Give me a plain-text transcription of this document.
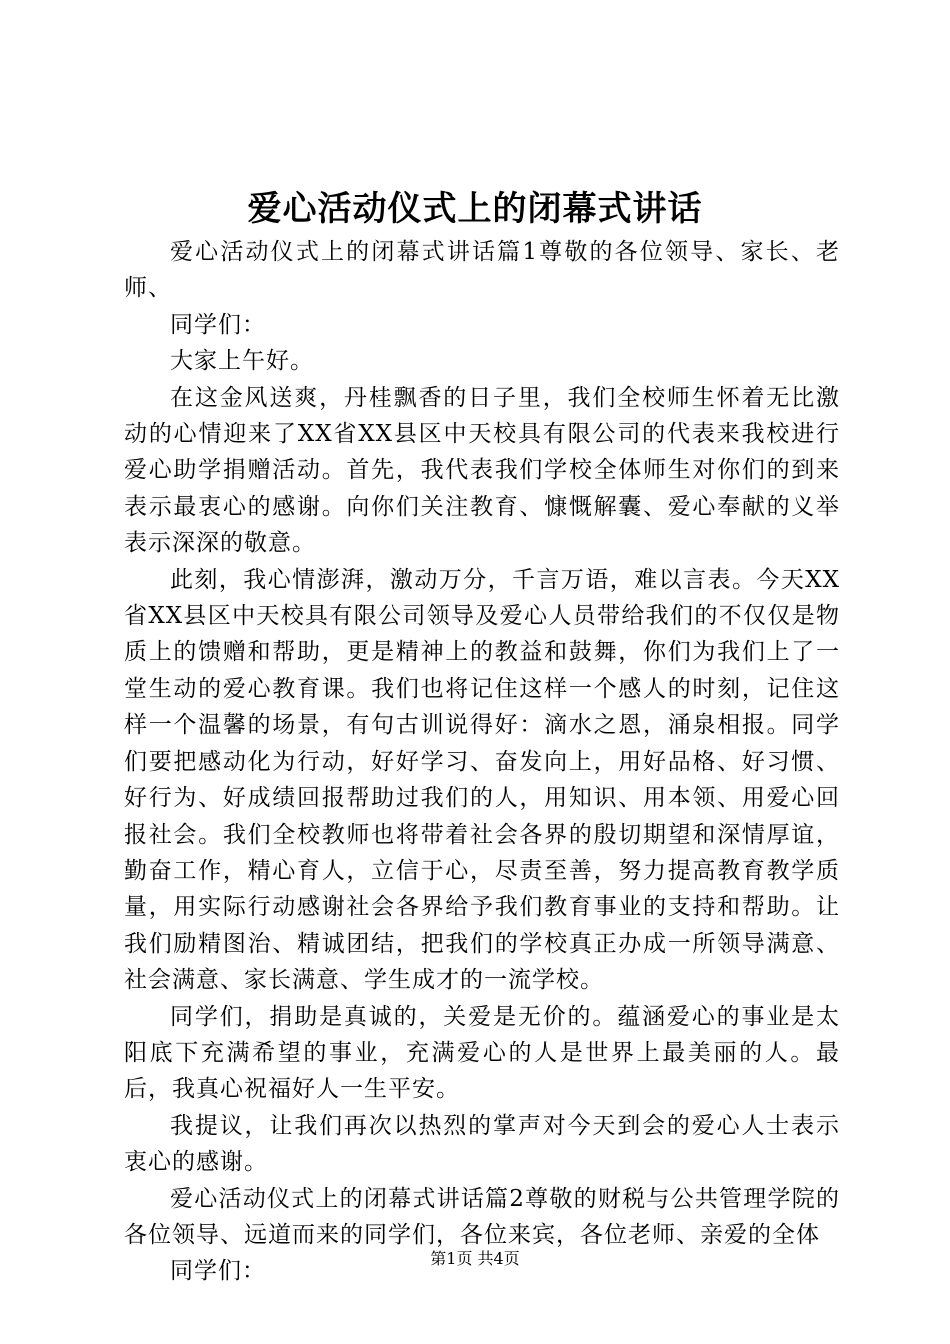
爱心活动仪式上的闭幕式讲话

爱心活动仪式上的闭幕式讲话篇1尊敬的各位领导、家长、老师、

同学们：

大家上午好。

在这金风送爽，丹桂飘香的日子里，我们全校师生怀着无比激动的心情迎来了XX省XX县区中天校具有限公司的代表来我校进行爱心助学捐赠活动。首先，我代表我们学校全体师生对你们的到来表示最衷心的感谢。向你们关注教育、慷慨解囊、爱心奉献的义举表示深深的敬意。

此刻，我心情澎湃，激动万分，千言万语，难以言表。今天XX省XX县区中天校具有限公司领导及爱心人员带给我们的不仅仅是物质上的馈赠和帮助，更是精神上的教益和鼓舞，你们为我们上了一堂生动的爱心教育课。我们也将记住这样一个感人的时刻，记住这样一个温馨的场景，有句古训说得好：滴水之恩，涌泉相报。同学们要把感动化为行动，好好学习、奋发向上，用好品格、好习惯、好行为、好成绩回报帮助过我们的人，用知识、用本领、用爱心回报社会。我们全校教师也将带着社会各界的殷切期望和深情厚谊，勤奋工作，精心育人，立信于心，尽责至善，努力提高教育教学质量，用实际行动感谢社会各界给予我们教育事业的支持和帮助。让我们励精图治、精诚团结，把我们的学校真正办成一所领导满意、社会满意、家长满意、学生成才的一流学校。

同学们，捐助是真诚的，关爱是无价的。蕴涵爱心的事业是太阳底下充满希望的事业，充满爱心的人是世界上最美丽的人。最后，我真心祝福好人一生平安。

我提议，让我们再次以热烈的掌声对今天到会的爱心人士表示衷心的感谢。

爱心活动仪式上的闭幕式讲话篇2尊敬的财税与公共管理学院的各位领导、远道而来的同学们，各位来宾，各位老师、亲爱的全体

同学们：	第1页 共4页
